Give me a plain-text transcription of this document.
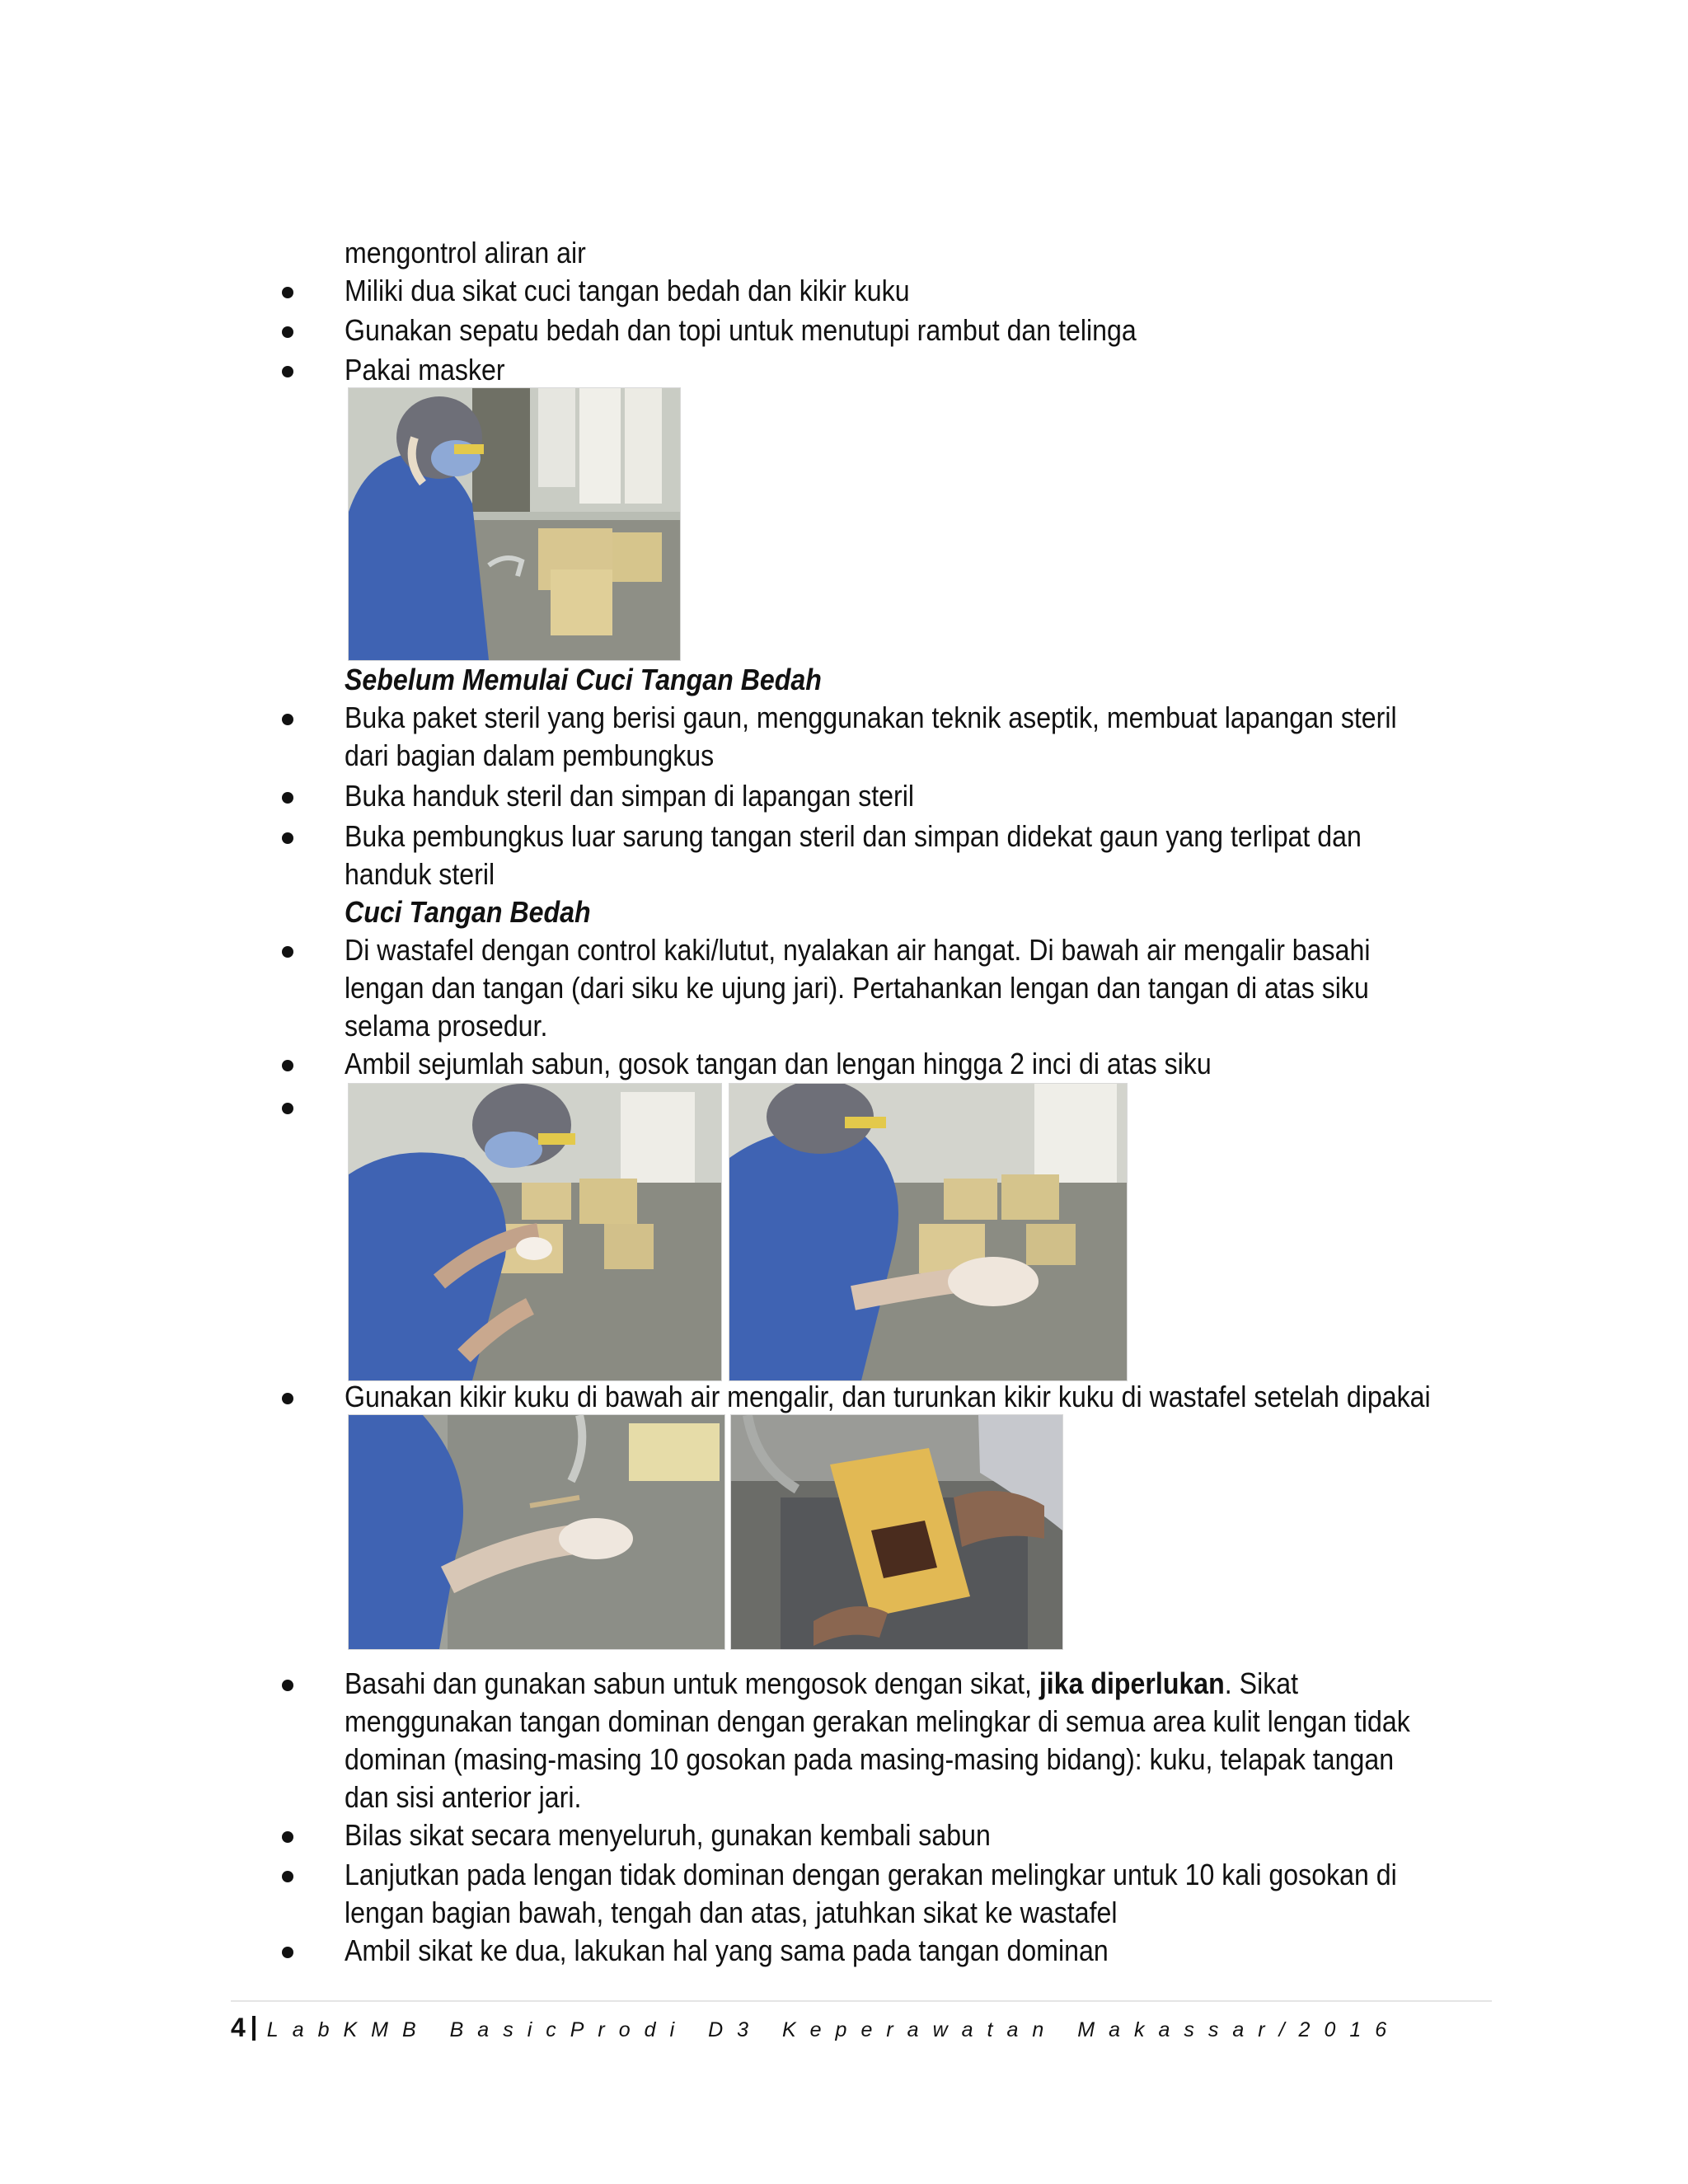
mengontrol aliran air
Miliki dua sikat cuci tangan bedah dan kikir kuku
Gunakan sepatu bedah dan topi untuk menutupi rambut dan telinga
Pakai masker
Sebelum Memulai Cuci Tangan Bedah
Buka paket steril yang berisi gaun, menggunakan teknik aseptik, membuat lapangan steril
dari bagian dalam pembungkus
Buka handuk steril dan simpan di lapangan steril
Buka pembungkus luar sarung tangan steril dan simpan didekat gaun yang terlipat dan
handuk steril
Cuci Tangan Bedah
Di wastafel dengan control kaki/lutut, nyalakan air hangat. Di bawah air mengalir basahi
lengan dan tangan (dari siku ke ujung jari). Pertahankan lengan dan tangan di atas siku
selama prosedur.
Ambil sejumlah sabun, gosok tangan dan lengan hingga 2 inci di atas siku
Gunakan kikir kuku di bawah air mengalir, dan turunkan kikir kuku di wastafel setelah dipakai
Basahi dan gunakan sabun untuk mengosok dengan sikat, jika diperlukan. Sikat
menggunakan tangan dominan dengan gerakan melingkar di semua area kulit lengan tidak
dominan (masing-masing 10 gosokan pada masing-masing bidang): kuku, telapak tangan
dan sisi anterior jari.
Bilas sikat secara menyeluruh, gunakan kembali sabun
Lanjutkan pada lengan tidak dominan dengan gerakan melingkar untuk 10 kali gosokan di
lengan bagian bawah, tengah dan atas, jatuhkan sikat ke wastafel
Ambil sikat ke dua, lakukan hal yang sama pada tangan dominan
4 LabKMB BasicProdi D3 Keperawatan Makassar/2016
